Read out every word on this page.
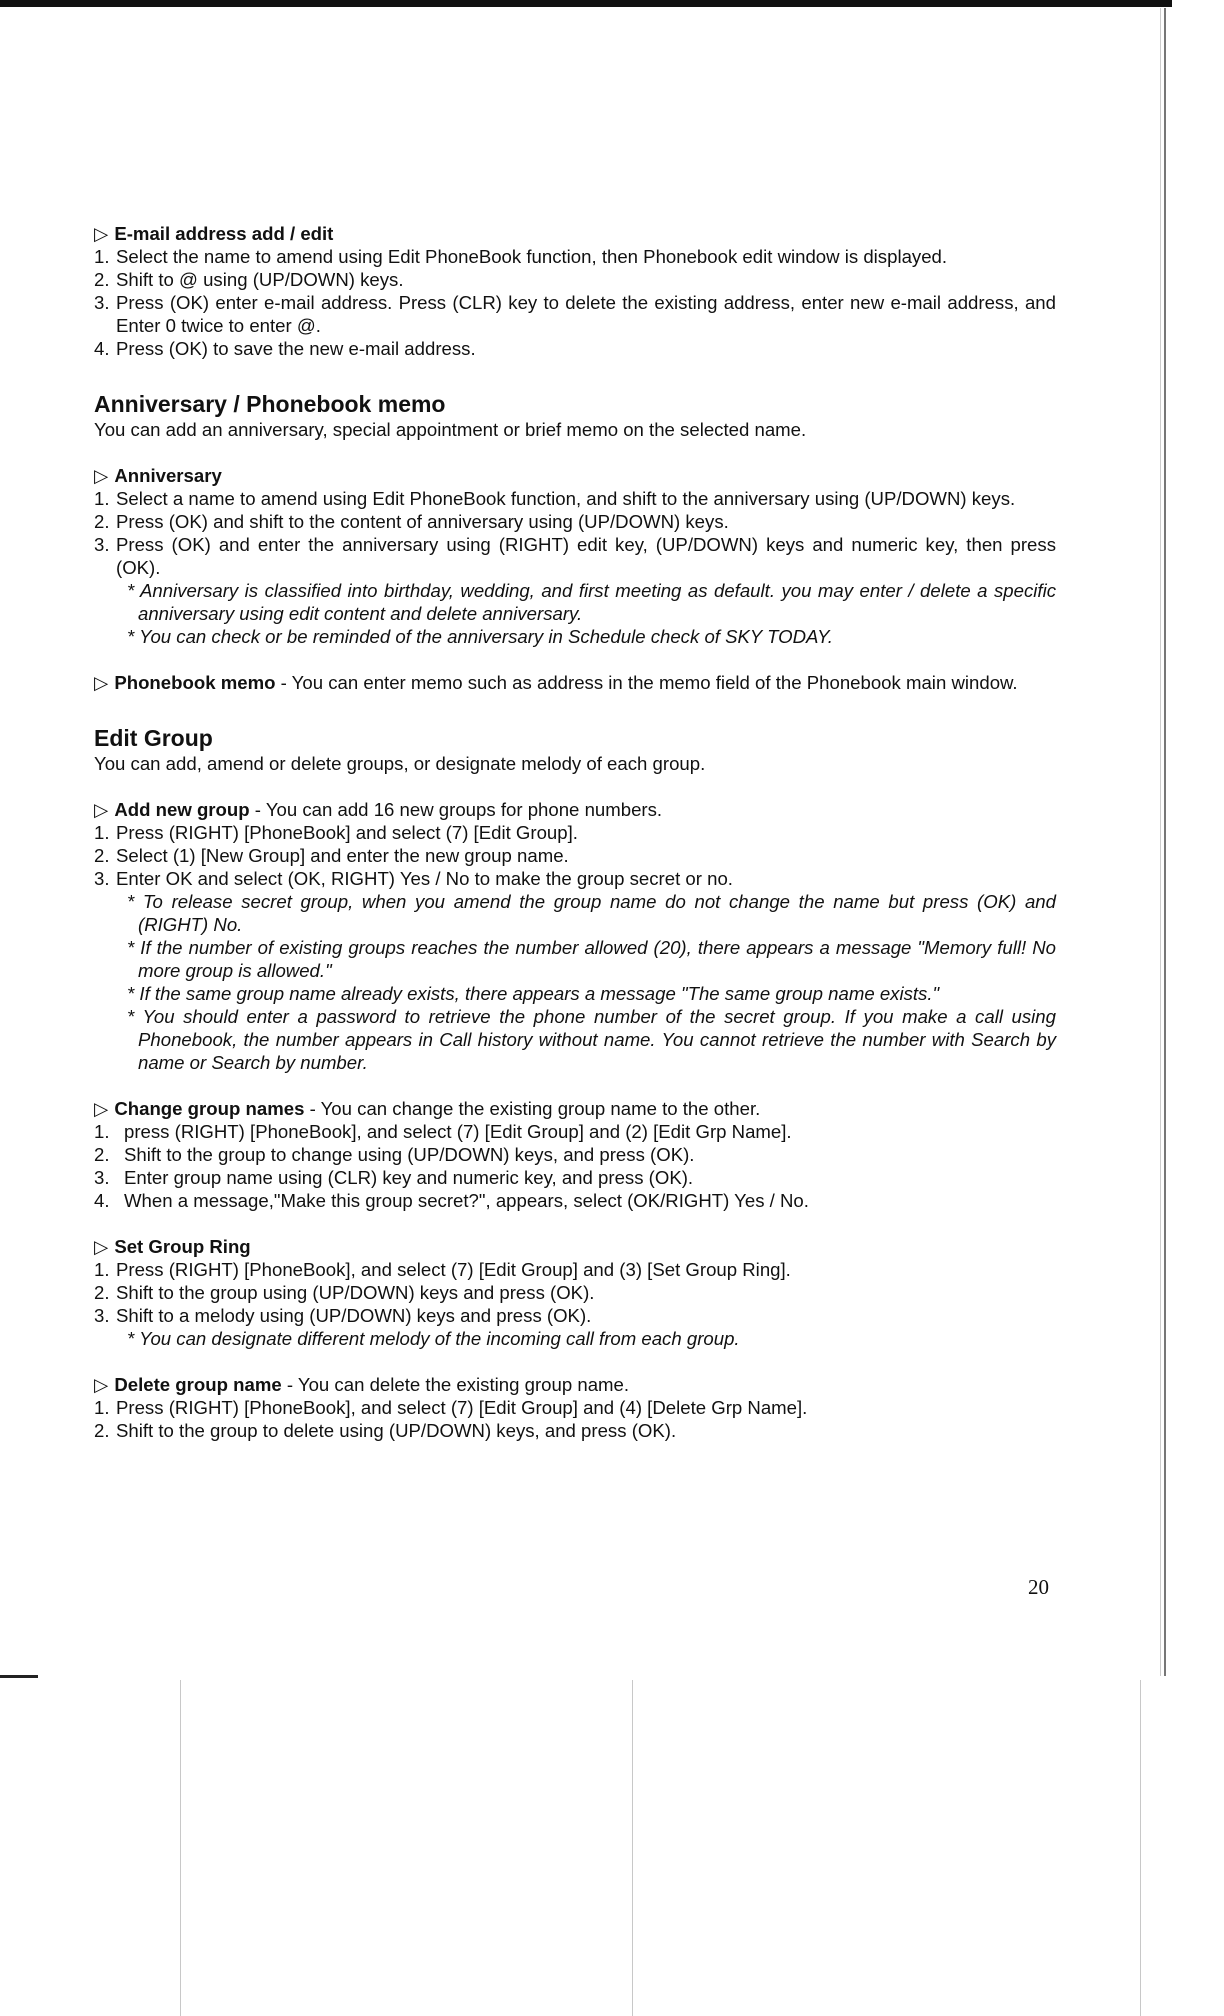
▷ E-mail address add / edit

1. Select the name to amend using Edit PhoneBook function, then Phonebook edit window is displayed.
2. Shift to @ using (UP/DOWN) keys.
3. Press (OK) enter e-mail address. Press (CLR) key to delete the existing address, enter new e-mail address, and Enter 0 twice to enter @.
4. Press (OK) to save the new e-mail address.

Anniversary / Phonebook memo

You can add an anniversary, special appointment or brief memo on the selected name.

▷ Anniversary

1. Select a name to amend using Edit PhoneBook function, and shift to the anniversary using (UP/DOWN) keys.
2. Press (OK) and shift to the content of anniversary using (UP/DOWN) keys.
3. Press (OK) and enter the anniversary using (RIGHT) edit key, (UP/DOWN) keys and numeric key, then press (OK).

* Anniversary is classified into birthday, wedding, and first meeting as default. you may enter / delete a specific anniversary using edit content and delete anniversary.

* You can check or be reminded of the anniversary in Schedule check of SKY TODAY.

▷ Phonebook memo - You can enter memo such as address in the memo field of the Phonebook main window.

Edit Group

You can add, amend or delete groups, or designate melody of each group.

▷ Add new group - You can add 16 new groups for phone numbers.

1. Press (RIGHT) [PhoneBook] and select (7) [Edit Group].
2. Select (1) [New Group] and enter the new group name.
3. Enter OK and select (OK, RIGHT) Yes / No to make the group secret or no.

* To release secret group, when you amend the group name do not change the name but press (OK) and (RIGHT) No.

* If the number of existing groups reaches the number allowed (20), there appears a message "Memory full! No more group is allowed."

* If the same group name already exists, there appears a message "The same group name exists."

* You should enter a password to retrieve the phone number of the secret group. If you make a call using Phonebook, the number appears in Call history without name. You cannot retrieve the number with Search by name or Search by number.

▷ Change group names - You can change the existing group name to the other.

1. press (RIGHT) [PhoneBook], and select (7) [Edit Group] and (2) [Edit Grp Name].
2. Shift to the group to change using (UP/DOWN) keys, and press (OK).
3. Enter group name using (CLR) key and numeric key, and press (OK).
4. When a message,"Make this group secret?", appears, select (OK/RIGHT) Yes / No.

▷ Set Group Ring

1. Press (RIGHT) [PhoneBook], and select (7) [Edit Group] and (3) [Set Group Ring].
2. Shift to the group using (UP/DOWN) keys and press (OK).
3. Shift to a melody using (UP/DOWN) keys and press (OK).

* You can designate different melody of the incoming call from each group.

▷ Delete group name - You can delete the existing group name.

1. Press (RIGHT) [PhoneBook], and select (7) [Edit Group] and (4) [Delete Grp Name].
2. Shift to the group to delete using (UP/DOWN) keys, and press (OK).
20
